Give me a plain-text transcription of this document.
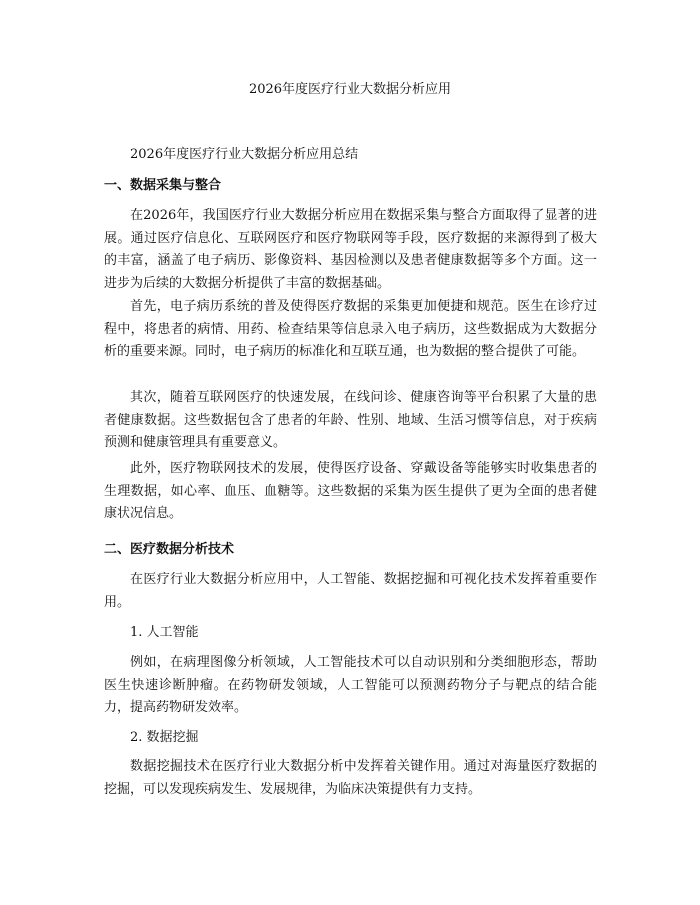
2026年度医疗行业大数据分析应用

2026年度医疗行业大数据分析应用总结

一、数据采集与整合

在2026年，我国医疗行业大数据分析应用在数据采集与整合方面取得了显著的进展。通过医疗信息化、互联网医疗和医疗物联网等手段，医疗数据的来源得到了极大的丰富，涵盖了电子病历、影像资料、基因检测以及患者健康数据等多个方面。这一进步为后续的大数据分析提供了丰富的数据基础。

首先，电子病历系统的普及使得医疗数据的采集更加便捷和规范。医生在诊疗过程中，将患者的病情、用药、检查结果等信息录入电子病历，这些数据成为大数据分析的重要来源。同时，电子病历的标准化和互联互通，也为数据的整合提供了可能。

其次，随着互联网医疗的快速发展，在线问诊、健康咨询等平台积累了大量的患者健康数据。这些数据包含了患者的年龄、性别、地域、生活习惯等信息，对于疾病预测和健康管理具有重要意义。

此外，医疗物联网技术的发展，使得医疗设备、穿戴设备等能够实时收集患者的生理数据，如心率、血压、血糖等。这些数据的采集为医生提供了更为全面的患者健康状况信息。

二、医疗数据分析技术

在医疗行业大数据分析应用中，人工智能、数据挖掘和可视化技术发挥着重要作用。

1. 人工智能

例如，在病理图像分析领域，人工智能技术可以自动识别和分类细胞形态，帮助医生快速诊断肿瘤。在药物研发领域，人工智能可以预测药物分子与靶点的结合能力，提高药物研发效率。

2. 数据挖掘

数据挖掘技术在医疗行业大数据分析中发挥着关键作用。通过对海量医疗数据的挖掘，可以发现疾病发生、发展规律，为临床决策提供有力支持。
